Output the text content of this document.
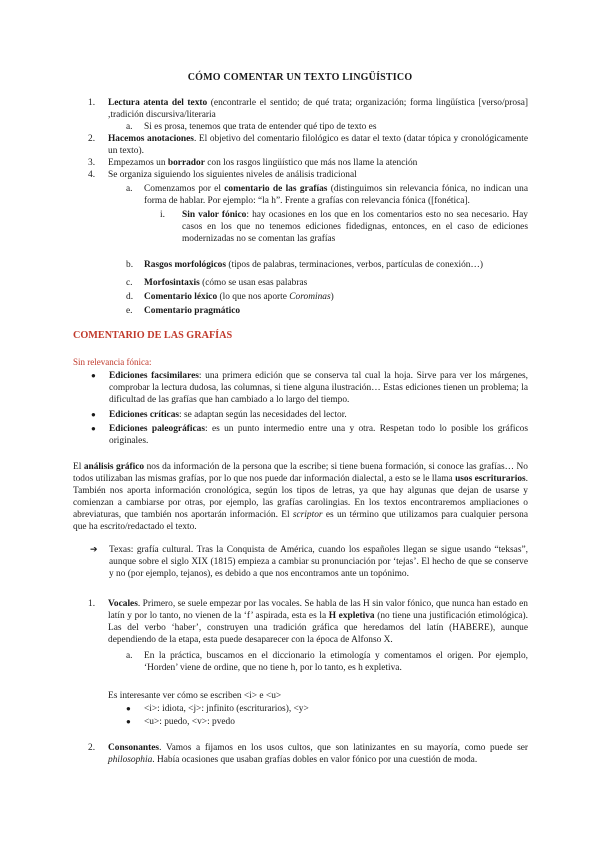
CÓMO COMENTAR UN TEXTO LINGÜÍSTICO
1. Lectura atenta del texto (encontrarle el sentido; de qué trata; organización; forma lingüística [verso/prosa] ,tradición discursiva/literaria
a. Si es prosa, tenemos que trata de entender qué tipo de texto es
2. Hacemos anotaciones. El objetivo del comentario filológico es datar el texto (datar tópica y cronológicamente un texto).
3. Empezamos un borrador con los rasgos lingüístico que más nos llame la atención
4. Se organiza siguiendo los siguientes niveles de análisis tradicional
a. Comenzamos por el comentario de las grafías (distinguimos sin relevancia fónica, no indican una forma de hablar. Por ejemplo: “la h”. Frente a grafías con relevancia fónica ([fonética].
i. Sin valor fónico: hay ocasiones en los que en los comentarios esto no sea necesario. Hay casos en los que no tenemos ediciones fidedignas, entonces, en el caso de ediciones modernizadas no se comentan las grafías
b. Rasgos morfológicos (tipos de palabras, terminaciones, verbos, partículas de conexión…)
c. Morfosintaxis (cómo se usan esas palabras
d. Comentario léxico (lo que nos aporte Corominas)
e. Comentario pragmático
COMENTARIO DE LAS GRAFÍAS
Sin relevancia fónica:
● Ediciones facsimilares: una primera edición que se conserva tal cual la hoja. Sirve para ver los márgenes, comprobar la lectura dudosa, las columnas, si tiene alguna ilustración… Estas ediciones tienen un problema; la dificultad de las grafías que han cambiado a lo largo del tiempo.
● Ediciones críticas: se adaptan según las necesidades del lector.
● Ediciones paleográficas: es un punto intermedio entre una y otra. Respetan todo lo posible los gráficos originales.
El análisis gráfico nos da información de la persona que la escribe; si tiene buena formación, si conoce las grafías… No todos utilizaban las mismas grafías, por lo que nos puede dar información dialectal, a esto se le llama usos escriturarios. También nos aporta información cronológica, según los tipos de letras, ya que hay algunas que dejan de usarse y comienzan a cambiarse por otras, por ejemplo, las grafías carolingias. En los textos encontraremos ampliaciones o abreviaturas, que también nos aportarán información. El scriptor es un término que utilizamos para cualquier persona que ha escrito/redactado el texto.
➔ Texas: grafía cultural. Tras la Conquista de América, cuando los españoles llegan se sigue usando “teksas”, aunque sobre el siglo XIX (1815) empieza a cambiar su pronunciación por ‘tejas’. El hecho de que se conserve y no (por ejemplo, tejanos), es debido a que nos encontramos ante un topónimo.
1. Vocales. Primero, se suele empezar por las vocales. Se habla de las H sin valor fónico, que nunca han estado en latín y por lo tanto, no vienen de la ‘f’ aspirada, esta es la H expletiva (no tiene una justificación etimológica). Las del verbo ‘haber’, construyen una tradición gráfica que heredamos del latín (HABERE), aunque dependiendo de la etapa, esta puede desaparecer con la época de Alfonso X.
a. En la práctica, buscamos en el diccionario la etimología y comentamos el origen. Por ejemplo, ‘Horden’ viene de ordine, que no tiene h, por lo tanto, es h expletiva.
Es interesante ver cómo se escriben <i> e <u>
● <i>: idiota, <j>: jnfinito (escriturarios), <y>
● <u>: puedo, <v>: pvedo
2. Consonantes. Vamos a fijamos en los usos cultos, que son latinizantes en su mayoría, como puede ser philosophia. Había ocasiones que usaban grafías dobles en valor fónico por una cuestión de moda.
